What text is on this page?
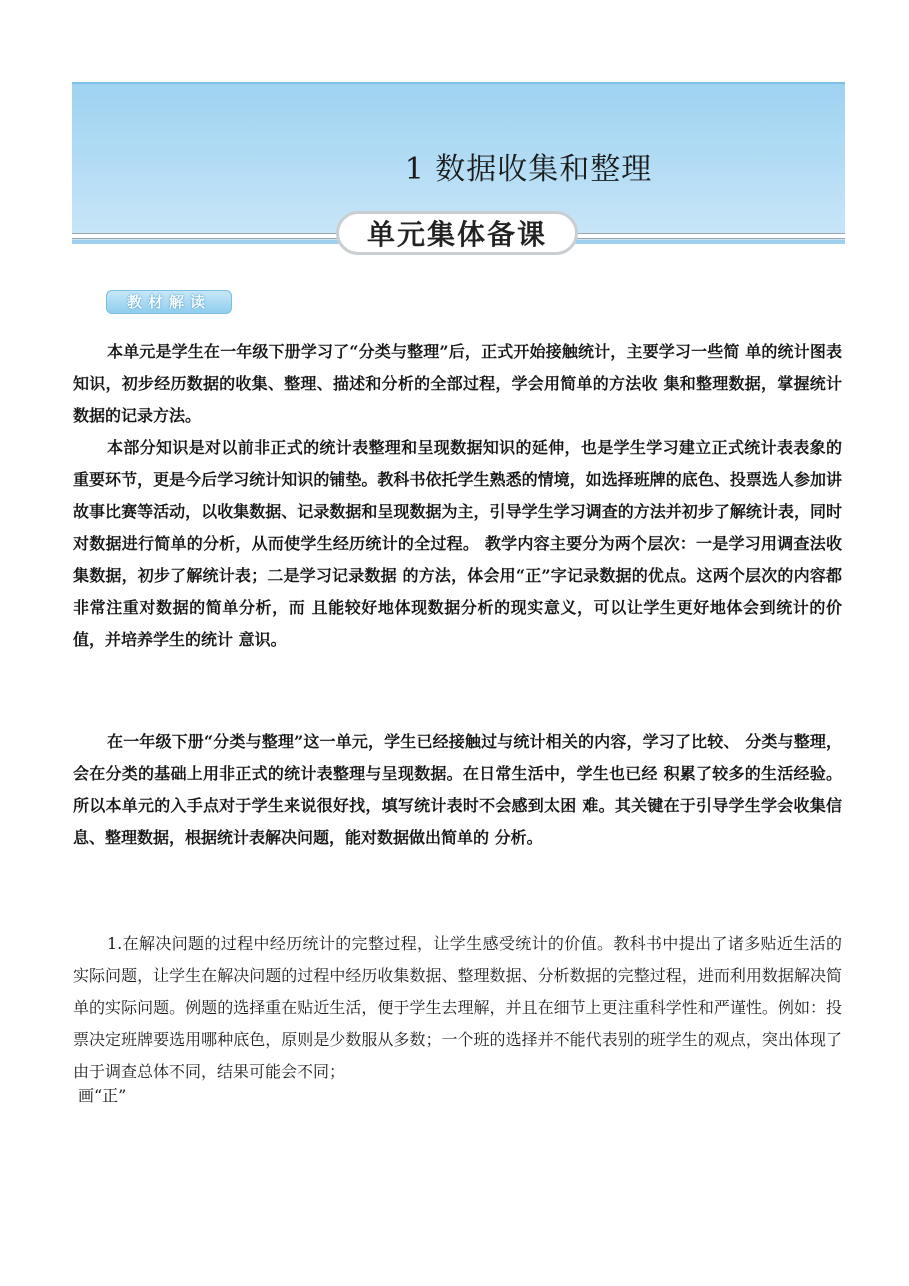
1 数据收集和整理
单元集体备课
教材解读

本单元是学生在一年级下册学习了“分类与整理”后，正式开始接触统计，主要学习一些简 单的统计图表知识，初步经历数据的收集、整理、描述和分析的全部过程，学会用简单的方法收 集和整理数据，掌握统计数据的记录方法。

本部分知识是对以前非正式的统计表整理和呈现数据知识的延伸，也是学生学习建立正式统计表表象的重要环节，更是今后学习统计知识的铺垫。教科书依托学生熟悉的情境，如选择班牌的底色、投票选人参加讲故事比赛等活动，以收集数据、记录数据和呈现数据为主，引导学生学习调查的方法并初步了解统计表，同时对数据进行简单的分析，从而使学生经历统计的全过程。 教学内容主要分为两个层次：一是学习用调查法收集数据，初步了解统计表；二是学习记录数据 的方法，体会用“正”字记录数据的优点。这两个层次的内容都非常注重对数据的简单分析，而 且能较好地体现数据分析的现实意义，可以让学生更好地体会到统计的价值，并培养学生的统计 意识。

在一年级下册“分类与整理”这一单元，学生已经接触过与统计相关的内容，学习了比较、 分类与整理，会在分类的基础上用非正式的统计表整理与呈现数据。在日常生活中，学生也已经 积累了较多的生活经验。所以本单元的入手点对于学生来说很好找，填写统计表时不会感到太困 难。其关键在于引导学生学会收集信息、整理数据，根据统计表解决问题，能对数据做出简单的 分析。

1.在解决问题的过程中经历统计的完整过程，让学生感受统计的价值。教科书中提出了诸多贴近生活的实际问题，让学生在解决问题的过程中经历收集数据、整理数据、分析数据的完整过程，进而利用数据解决简单的实际问题。例题的选择重在贴近生活，便于学生去理解，并且在细节上更注重科学性和严谨性。例如：投票决定班牌要选用哪种底色，原则是少数服从多数；一个班的选择并不能代表别的班学生的观点，突出体现了由于调查总体不同，结果可能会不同；

画“正”
